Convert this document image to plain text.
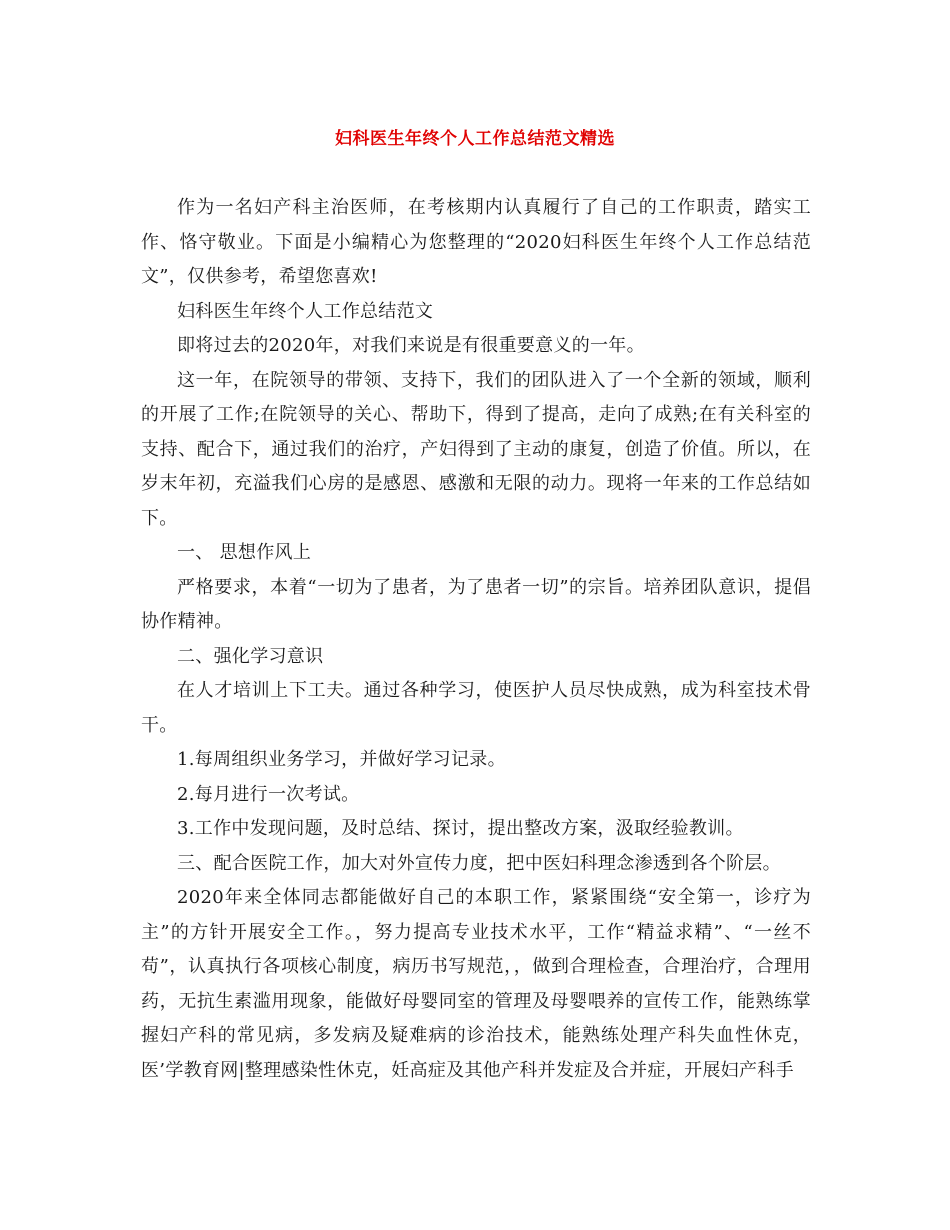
妇科医生年终个人工作总结范文精选

作为一名妇产科主治医师，在考核期内认真履行了自己的工作职责，踏实工作、恪守敬业。下面是小编精心为您整理的“2020妇科医生年终个人工作总结范文”，仅供参考，希望您喜欢!

妇科医生年终个人工作总结范文

即将过去的2020年，对我们来说是有很重要意义的一年。

这一年，在院领导的带领、支持下，我们的团队进入了一个全新的领域，顺利的开展了工作;在院领导的关心、帮助下，得到了提高，走向了成熟;在有关科室的支持、配合下，通过我们的治疗，产妇得到了主动的康复，创造了价值。所以，在岁末年初，充溢我们心房的是感恩、感激和无限的动力。现将一年来的工作总结如下。

一、 思想作风上

严格要求，本着“一切为了患者，为了患者一切”的宗旨。培养团队意识，提倡协作精神。

二、强化学习意识

在人才培训上下工夫。通过各种学习，使医护人员尽快成熟，成为科室技术骨干。

1.每周组织业务学习，并做好学习记录。

2.每月进行一次考试。

3.工作中发现问题，及时总结、探讨，提出整改方案，汲取经验教训。

三、配合医院工作，加大对外宣传力度，把中医妇科理念渗透到各个阶层。

2020年来全体同志都能做好自己的本职工作，紧紧围绕“安全第一，诊疗为主”的方针开展安全工作。，努力提高专业技术水平，工作“精益求精”、“一丝不苟”，认真执行各项核心制度，病历书写规范，，做到合理检查，合理治疗，合理用药，无抗生素滥用现象，能做好母婴同室的管理及母婴喂养的宣传工作，能熟练掌握妇产科的常见病，多发病及疑难病的诊治技术，能熟练处理产科失血性休克，医’学教育网|整理感染性休克，妊高症及其他产科并发症及合并症，开展妇产科手
